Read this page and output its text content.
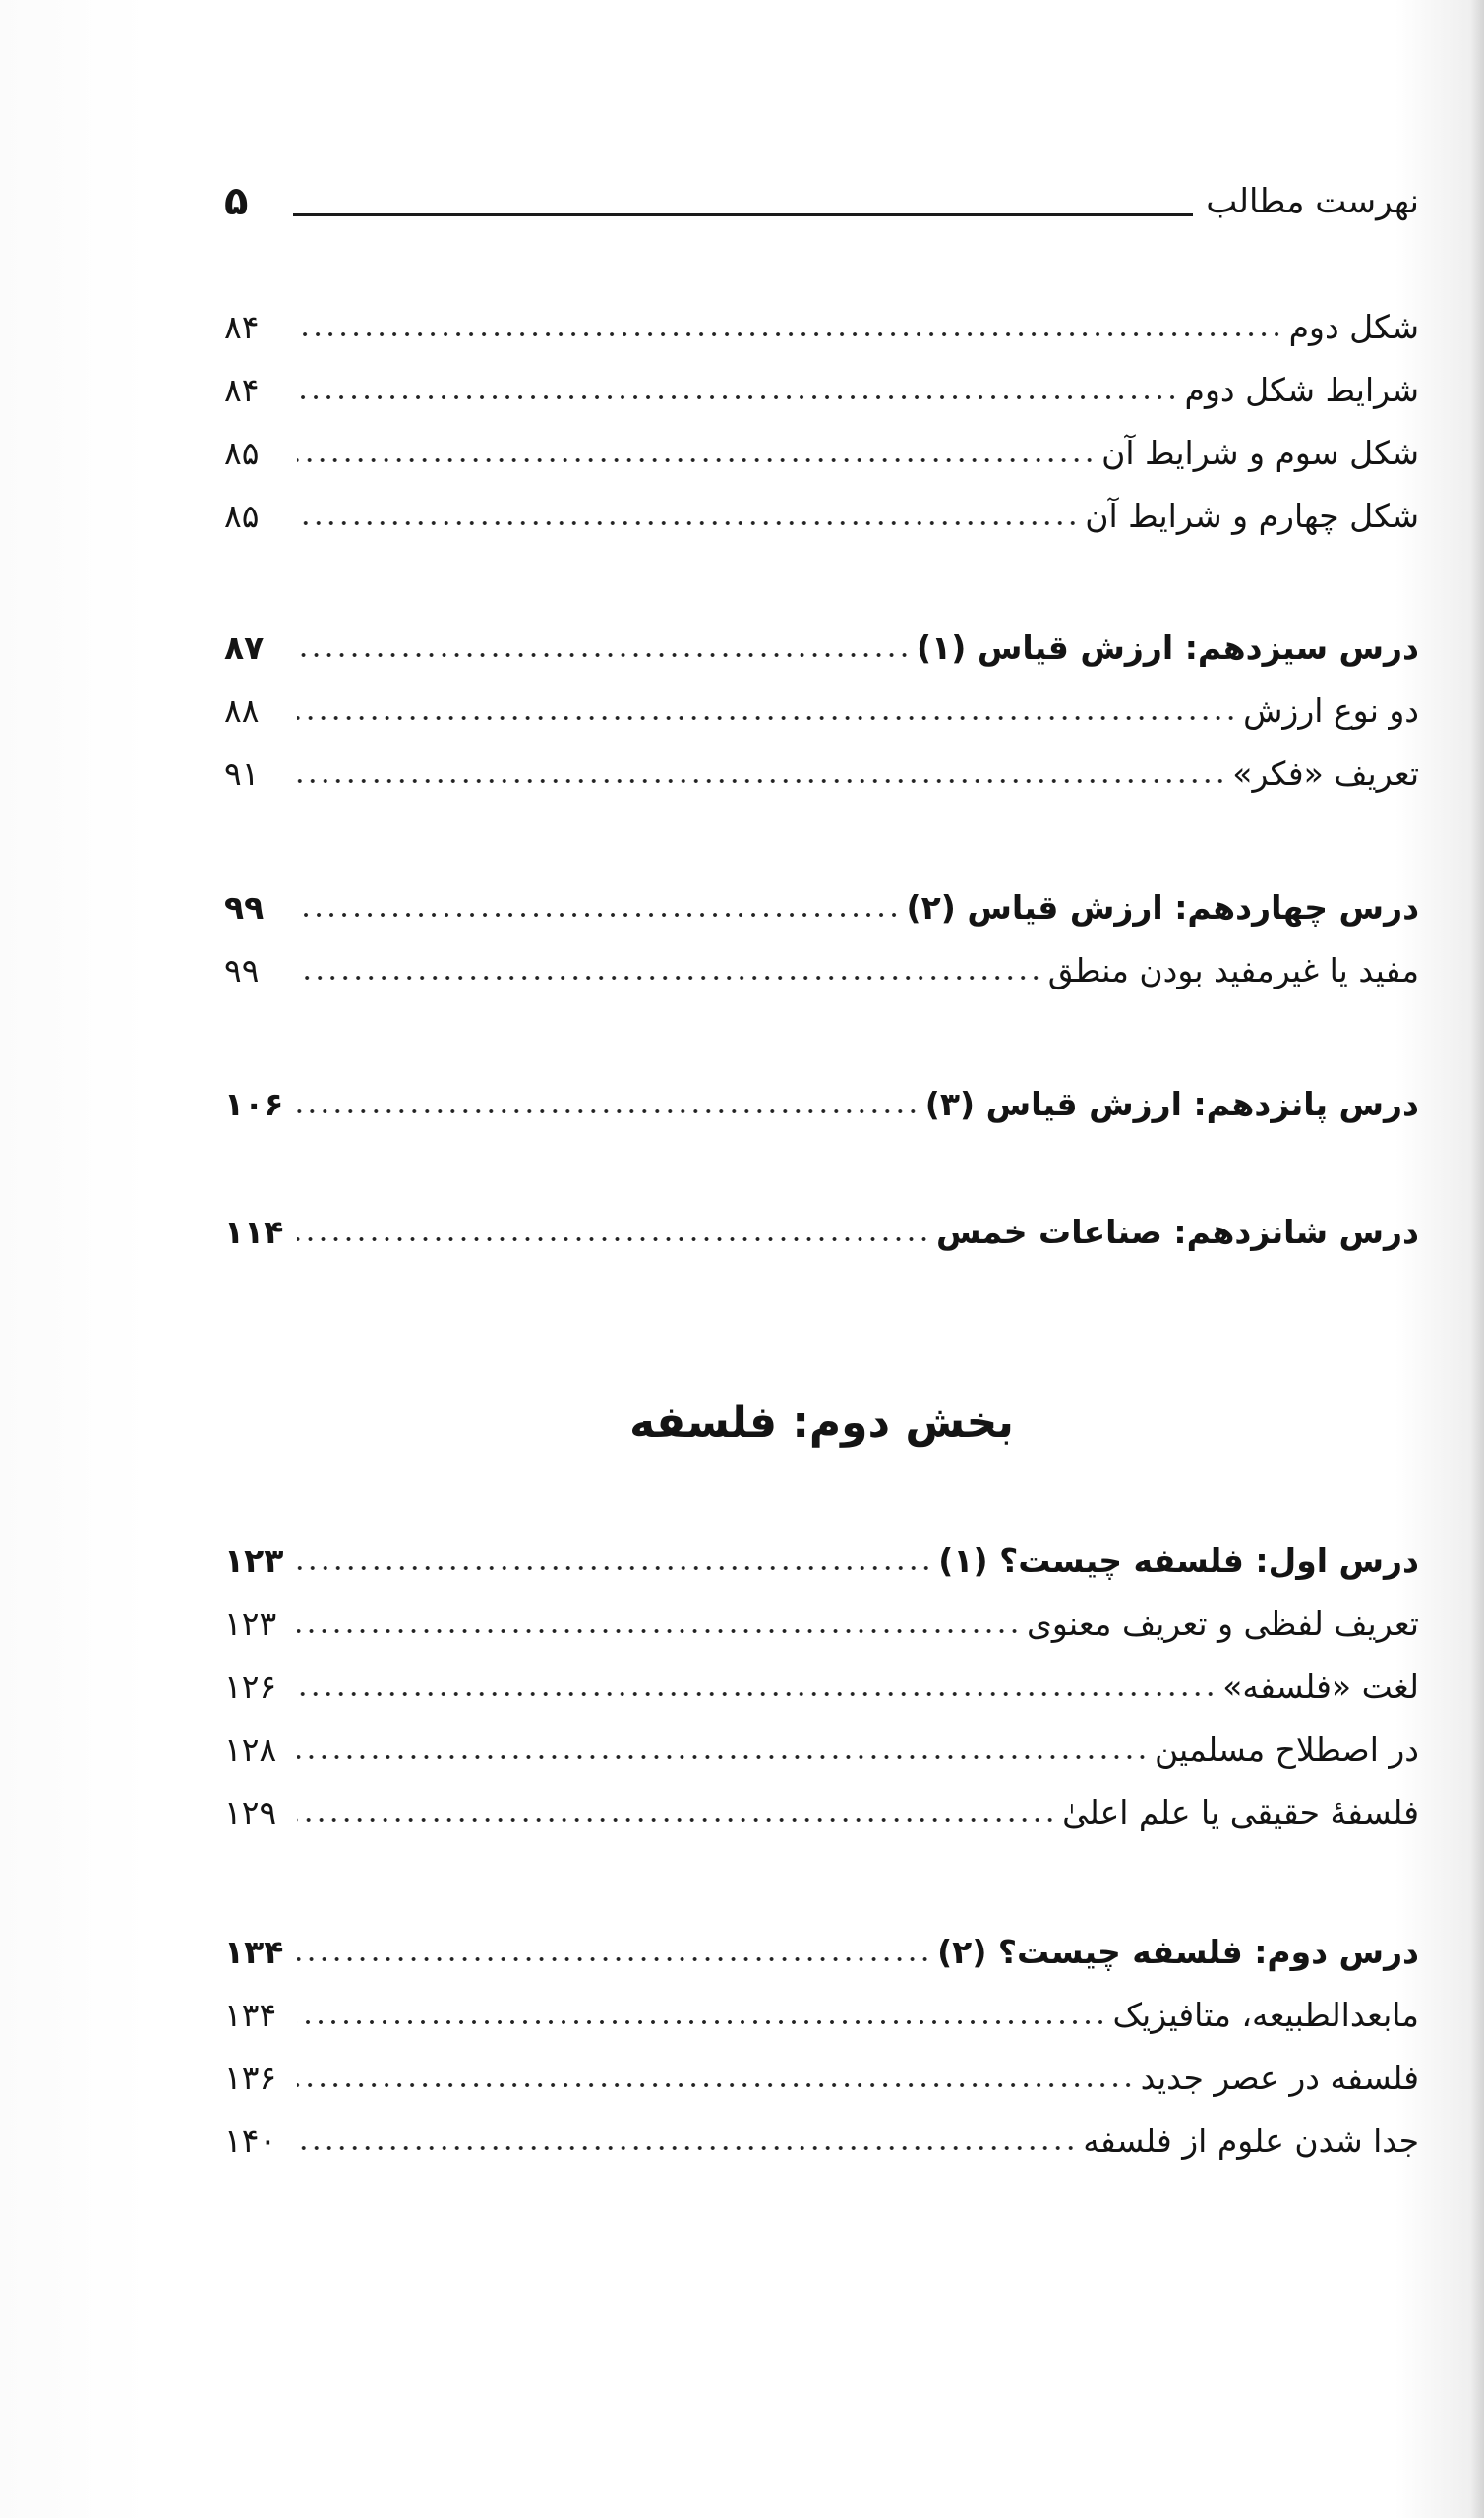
نهرست مطالب
۵
شکل دوم
۸۴
شرایط شکل دوم
۸۴
شکل سوم و شرایط آن
۸۵
شکل چهارم و شرایط آن
۸۵
درس سیزدهم: ارزش قیاس (۱)
۸۷
دو نوع ارزش
۸۸
تعریف «فکر»
۹۱
درس چهاردهم: ارزش قیاس (۲)
۹۹
مفید یا غیرمفید بودن منطق
۹۹
درس پانزدهم: ارزش قیاس (۳)
۱۰۶
درس شانزدهم: صناعات خمس
۱۱۴
بخش دوم: فلسفه
درس اول: فلسفه چیست؟ (۱)
۱۲۳
تعریف لفظی و تعریف معنوی
۱۲۳
لغت «فلسفه»
۱۲۶
در اصطلاح مسلمین
۱۲۸
فلسفهٔ حقیقی یا علم اعلیٰ
۱۲۹
درس دوم: فلسفه چیست؟ (۲)
۱۳۴
مابعدالطبیعه، متافیزیک
۱۳۴
فلسفه در عصر جدید
۱۳۶
جدا شدن علوم از فلسفه
۱۴۰
